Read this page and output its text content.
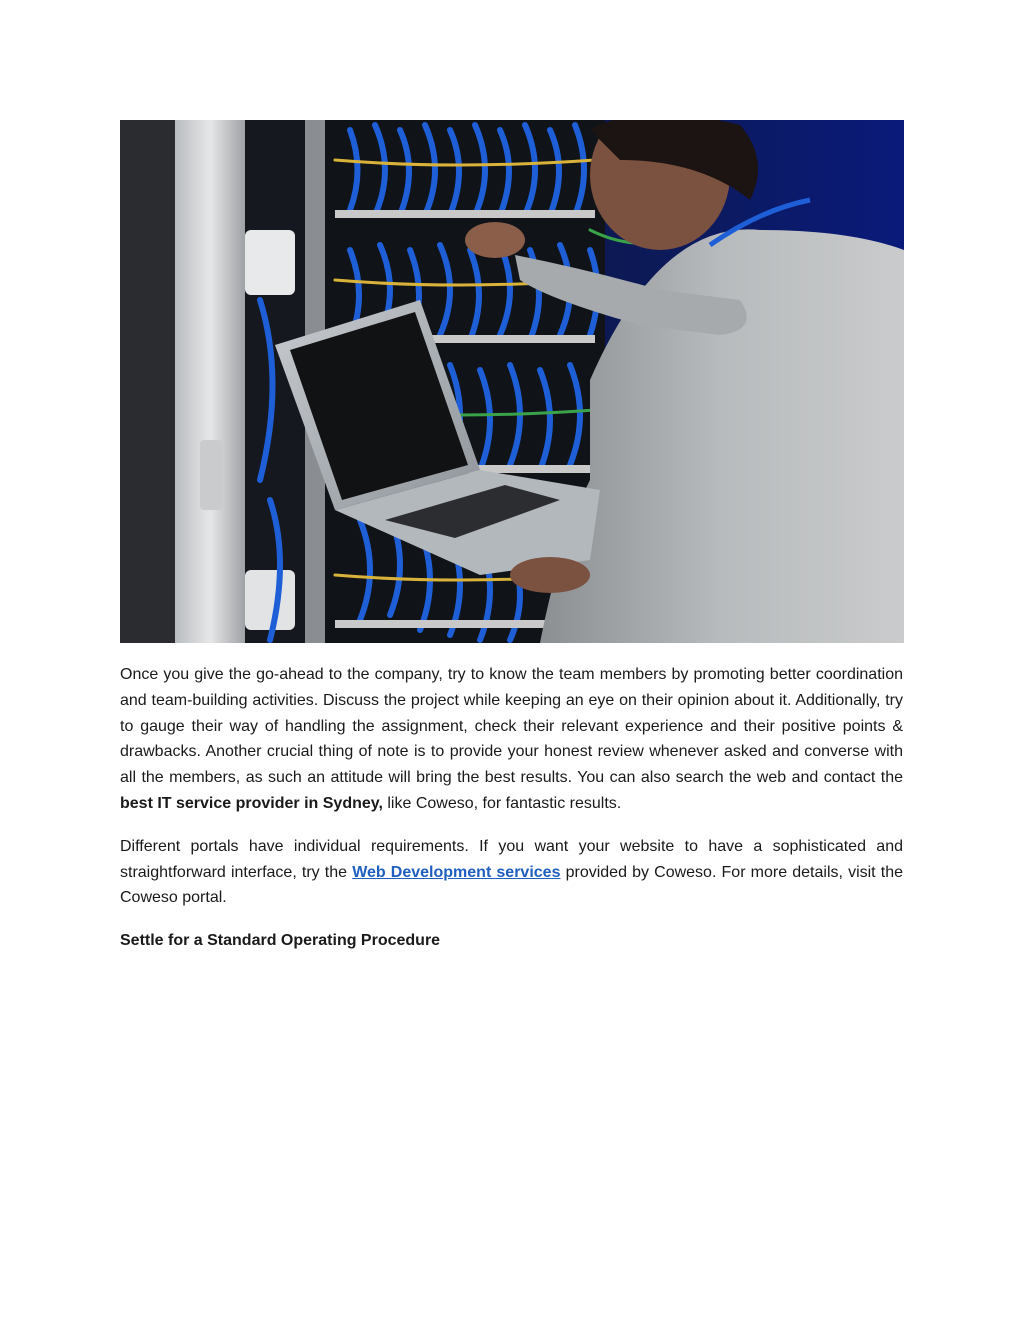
Once you give the go-ahead to the company, try to know the team members by promoting better coordination and team-building activities. Discuss the project while keeping an eye on their opinion about it. Additionally, try to gauge their way of handling the assignment, check their relevant experience and their positive points & drawbacks. Another crucial thing of note is to provide your honest review whenever asked and converse with all the members, as such an attitude will bring the best results. You can also search the web and contact the best IT service provider in Sydney, like Coweso, for fantastic results.

Different portals have individual requirements. If you want your website to have a sophisticated and straightforward interface, try the Web Development services provided by Coweso. For more details, visit the Coweso portal.

Settle for a Standard Operating Procedure
